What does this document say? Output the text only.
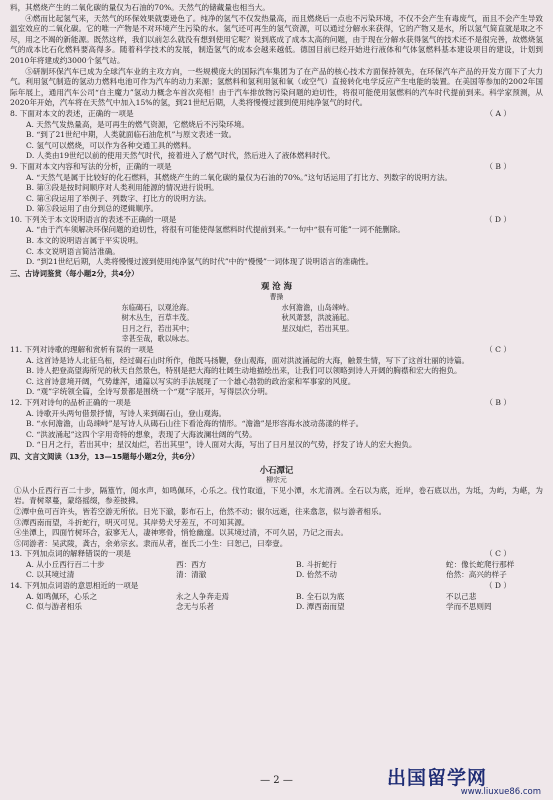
料，其燃烧产生的二氧化碳的量仅为石油的70%。天然气的储藏量也相当大。

④燃而比起氢气来，天然气的环保效果就要逊色了。纯净的氢气不仅发热量高，而且燃烧后一点也不污染环境，不仅不会产生有毒废气，而且不会产生导致温室效应的二氧化碳。它的唯一产物是不对环境产生污染的水。氢气还可再生的氢气资源，可以通过分解水来获得，它的产物又是水，所以氢气简直就是取之不尽，用之不竭的新能源。既然这样，我们以前怎么就没有想到使用它呢？说到底成了成本太高的问题，由于现在分解水获得氢气的技术还不是很完善，故燃烧氢气的成本比石化燃料要高得多。随着科学技术的发展，制造氢气的成本会越来越低。德国目前已经开始进行液体和气体氢燃料基本建设项目的建设，计划到2010年将建成约3000个氢气站。

⑤研制环保汽车已成为全球汽车业的主攻方向，一些规模庞大的国际汽车集团为了在产品的核心技术方面保持领先，在环保汽车产品的开发方面下了大力气。利用氢气制造的氢动力燃料电池可作为汽车的动力来源；氢燃料和氢利用氢和氧（或空气）直接转化电学反应产生电能的装置。在美国等参加的2002年国际年展上，通用汽车公司“自主魔力”氢动力概念车首次亮相！由于汽车排放物污染问题的迫切性，将很可能使用氢燃料的汽车时代提前到来。科学家预测，从2020年开始，汽车将在天然气中加入15%的氢，到21世纪后期，人类将慢慢过渡到使用纯净氢气的时代。

8. 下面对本文的表述，正确的一项是	（ A ）

A. 天然气发热量高，是可再生的燃气资源，它燃烧后不污染环境。

B. “到了21世纪中期，人类就面临石油危机”与原文表述一致。

C. 氢气可以燃烧，可以作为各种交通工具的燃料。

D. 人类由19世纪以前的使用天然气时代，接着进入了燃气时代，然后进入了液体燃料时代。

9. 下面对本文内容和写法的分析，正确的一项是	（ B ）

A. “天然气是属于比较好的化石燃料，其燃烧产生的二氧化碳的量仅为石油的70%。”这句话运用了打比方、列数字的说明方法。

B. 第③段是按时间顺序对人类利用能源的情况进行说明。

C. 第④段运用了举例子、列数字、打比方的说明方法。

D. 第⑤段运用了由分到总的逻辑顺序。

10. 下列关于本文说明语言的表述不正确的一项是	（ D ）

A. “由于汽车须解决环保问题的迫切性，将很有可能使得氢燃料时代提前到来。”一句中“很有可能”一词不能删除。

B. 本文的说明语言属于平实说明。

C. 本文说明语言简洁准确。

D. “到21世纪后期，人类将慢慢过渡到使用纯净氢气的时代”中的“慢慢”一词体现了说明语言的准确性。

三、古诗词鉴赏（每小题2分，共4分）

观 沧 海

曹操

东临碣石，以观沧海。	水何澹澹，山岛竦峙。
树木丛生，百草丰茂。	秋风萧瑟，洪波涌起。
日月之行，若出其中；	星汉灿烂，若出其里。
幸甚至哉，歌以咏志。
11. 下列对诗歌的理解和赏析有误的一项是	（ C ）

A. 这首诗是诗人北征乌桓，经过碣石山时所作，他既马扬鞭，登山观海，面对洪波涌起的大海，触景生情，写下了这首壮丽的诗篇。

B. 诗人把登高望海所见的秋天自然景色，特别是把大海的壮阔生动地描绘出来，让我们可以领略到诗人开阔的胸襟和宏大的抱负。

C. 这首诗意境开阔，气势雄浑，通篇以写实的手法展现了一个雄心勃勃的政治家和军事家的风度。

D. “观”字统领全篇，全诗写景都是围绕一个“观”字展开，写得层次分明。

12. 下列对诗句的品析正确的一项是	（ B ）

A. 诗歌开头两句借景抒情，写诗人来到碣石山，登山观海。

B. “水何澹澹，山岛竦峙”是写诗人从碣石山往下看沧海的情形。“澹澹”是形容海水波动荡漾的样子。

C. “洪波涌起”这四个字用奇特的想象，表现了大海波澜壮阔的气势。

D. “日月之行，若出其中；星汉灿烂，若出其里”，诗人面对大海，写出了日月星汉的气势，抒发了诗人的宏大抱负。

四、文言文阅读（13分，13—15题每小题2分，共6分）

小石潭记

柳宗元

①从小丘西行百二十步，隔篁竹，闻水声，如鸣佩环，心乐之。伐竹取道，下见小潭，水尤清冽。全石以为底，近岸，卷石底以出，为坻，为屿，为嵁，为岩。青树翠蔓，蒙络摇缀，参差披拂。

②潭中鱼可百许头，皆若空游无所依。日光下澈，影布石上，佁然不动；俶尔远逝，往来翕忽，似与游者相乐。

③潭西南而望，斗折蛇行，明灭可见。其岸势犬牙差互，不可知其源。

④坐潭上，四面竹树环合，寂寥无人，凄神寒骨，悄怆幽邃。以其境过清，不可久居，乃记之而去。

⑤同游者：吴武陵，龚古，余弟宗玄。隶而从者，崔氏二小生：曰恕己，曰奉壹。

13. 下列加点词的解释错误的一项是	（ C ）
A. 从小丘西行百二十步	西：西方	B. 斗折蛇行	蛇：像长蛇爬行那样
C. 以其境过清	清：清澈	D. 佁然不动	佁然：高兴的样子
14. 下列加点词语的意思相近的一项是	（ D ）
A. 如鸣佩环，心乐之	永之人争奔走焉	B. 全石以为底	不以己悲
C. 似与游者相乐	念无与乐者	D. 潭西南而望	学而不思则罔
— 2 —	出国留学网
www.liuxue86.com
